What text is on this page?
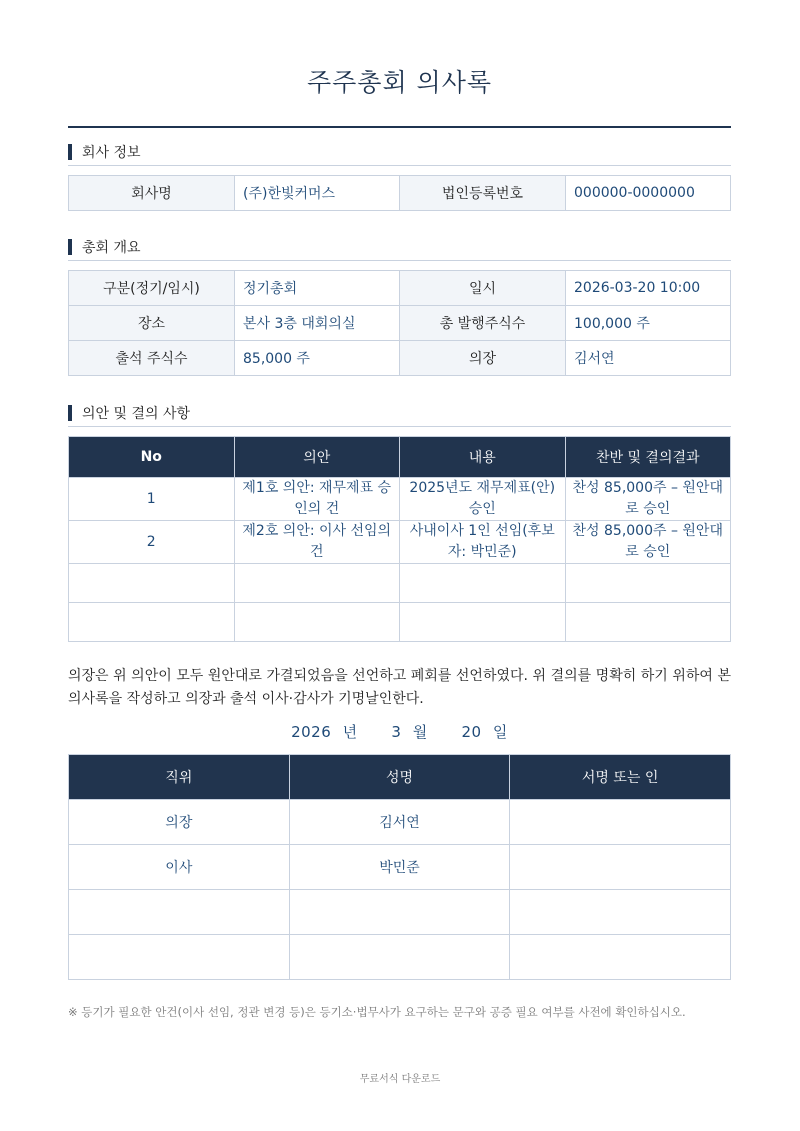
주주총회 의사록
회사 정보
회사명	(주)한빛커머스	법인등록번호	000000-0000000
총회 개요
구분(정기/임시)	정기총회	일시	2026-03-20 10:00
장소	본사 3층 대회의실	총 발행주식수	100,000 주
출석 주식수	85,000 주	의장	김서연
의안 및 결의 사항
No	의안	내용	찬반 및 결의결과
1	제1호 의안: 재무제표 승인의 건	2025년도 재무제표(안) 승인	찬성 85,000주 – 원안대로 승인
2	제2호 의안: 이사 선임의 건	사내이사 1인 선임(후보자: 박민준)	찬성 85,000주 – 원안대로 승인

의장은 위 의안이 모두 원안대로 가결되었음을 선언하고 폐회를 선언하였다. 위 결의를 명확히 하기 위하여 본 의사록을 작성하고 의장과 출석 이사·감사가 기명날인한다.
2026 년 3 월 20 일
직위	성명	서명 또는 인
의장	김서연	
이사	박민준	

※ 등기가 필요한 안건(이사 선임, 정관 변경 등)은 등기소·법무사가 요구하는 문구와 공증 필요 여부를 사전에 확인하십시오.
무료서식 다운로드
